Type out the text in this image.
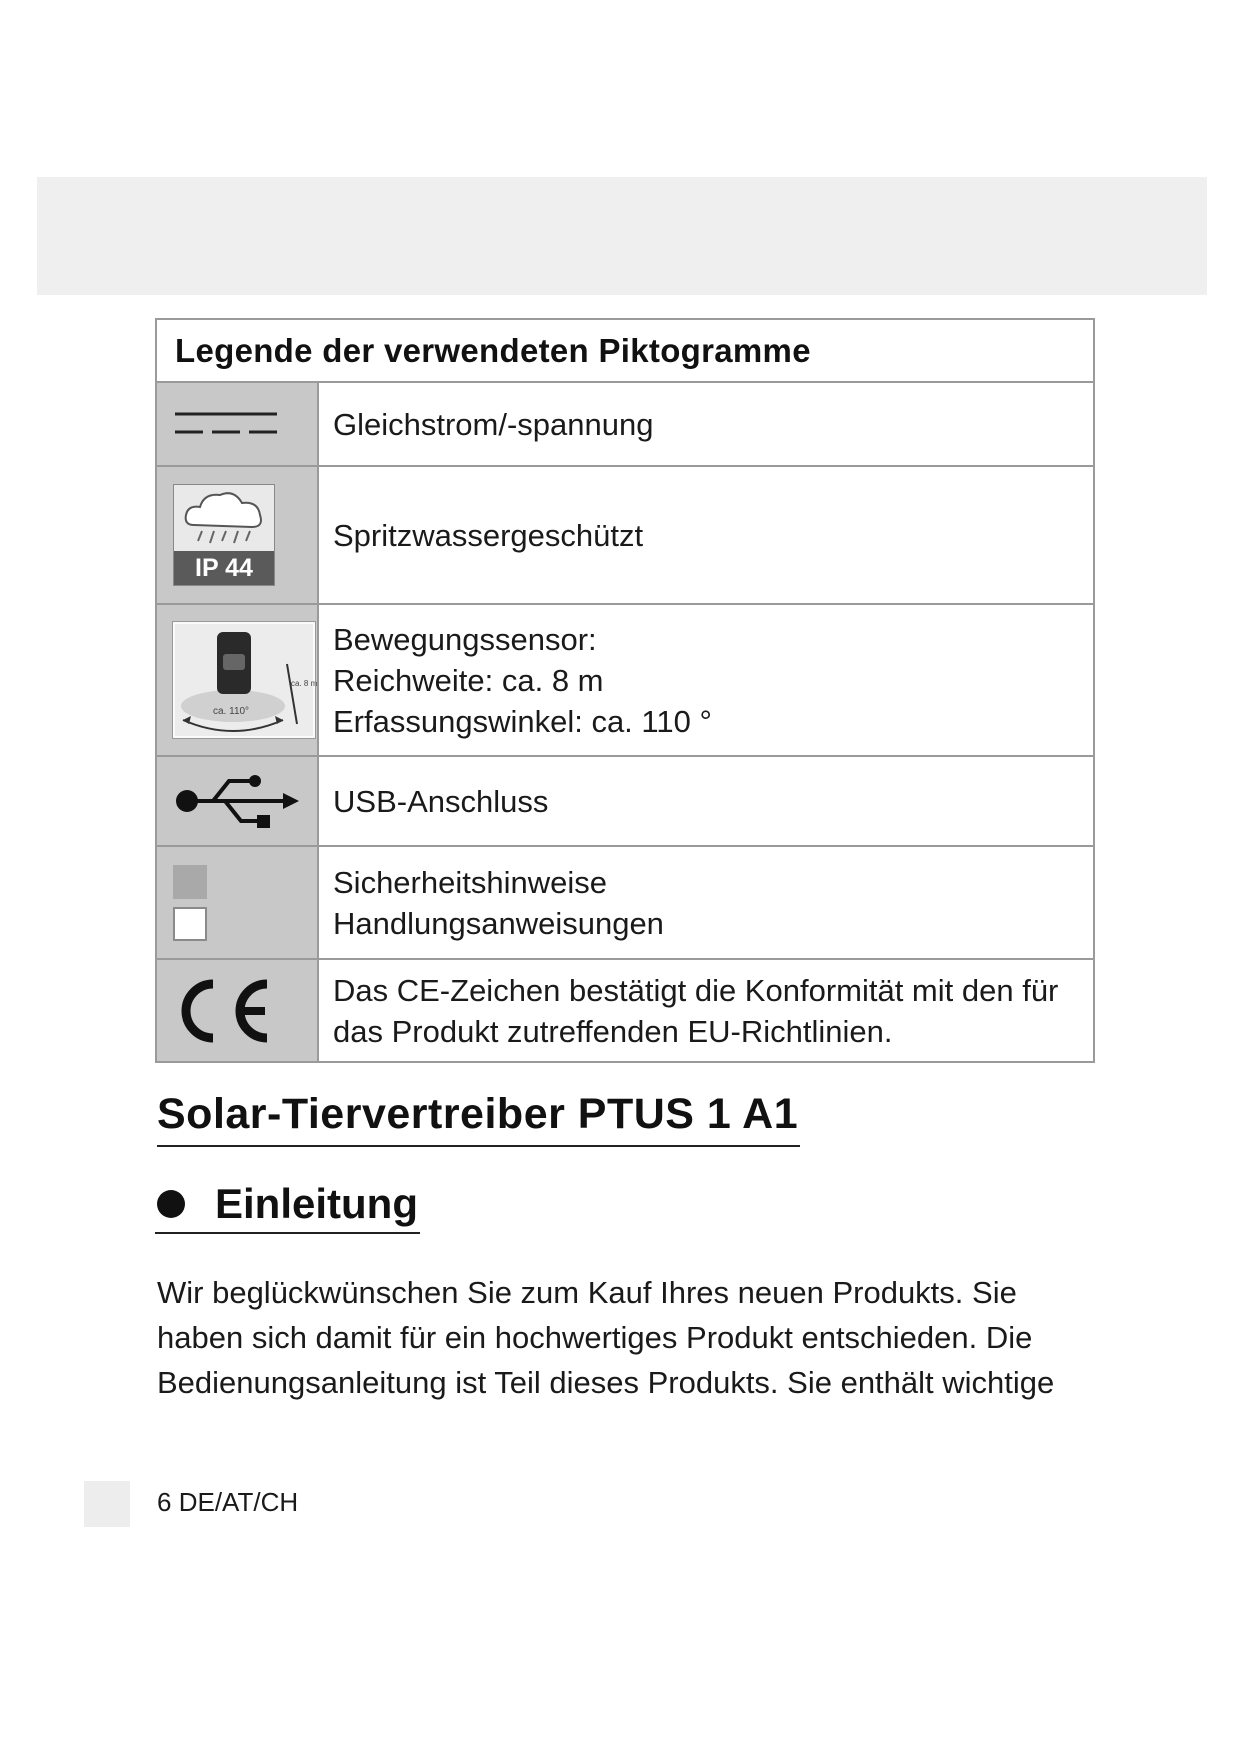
Legende der verwendeten Piktogramme
Gleichstrom/-spannung
IP 44
Spritzwassergeschützt
ca. 110°
ca. 8 m
Bewegungssensor:
Reichweite: ca. 8 m
Erfassungswinkel: ca. 110 °
USB-Anschluss
Sicherheitshinweise
Handlungsanweisungen
Das CE-Zeichen bestätigt die Konformität mit den für
das Produkt zutreffenden EU-Richtlinien.
Solar-Tiervertreiber PTUS 1 A1
Einleitung
Wir beglückwünschen Sie zum Kauf Ihres neuen Produkts. Sie
haben sich damit für ein hochwertiges Produkt entschieden. Die
Bedienungsanleitung ist Teil dieses Produkts. Sie enthält wichtige
6 DE/AT/CH
